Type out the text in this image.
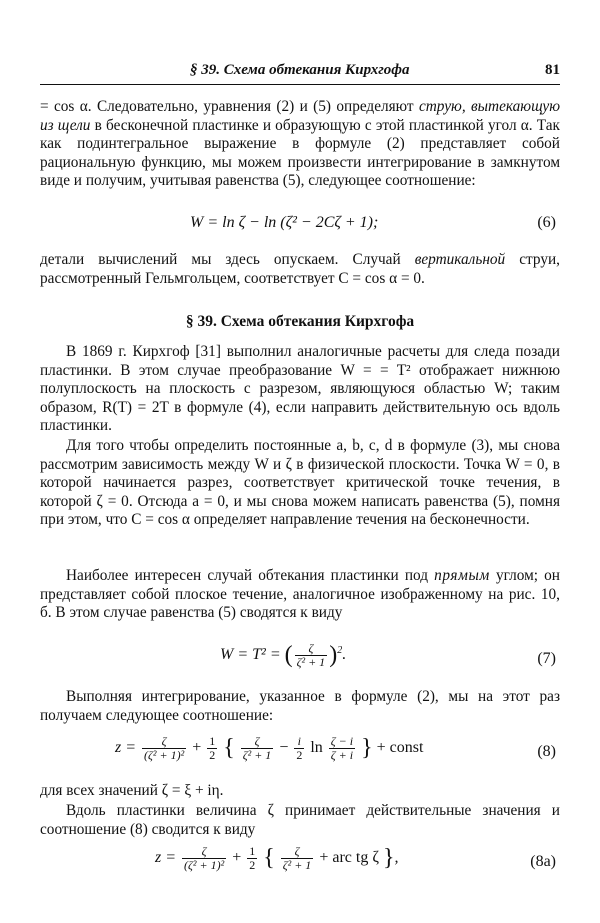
§ 39. Схема обтекания Кирхгофа	81

= cos α. Следовательно, уравнения (2) и (5) определяют струю, вытекающую из щели в бесконечной пластинке и образующую с этой пластинкой угол α. Так как подинтегральное выражение в формуле (2) представляет собой рациональную функцию, мы можем произвести интегрирование в замкнутом виде и получим, учитывая равенства (5), следующее соотношение:

W = ln ζ − ln (ζ² − 2Cζ + 1);	(6)

детали вычислений мы здесь опускаем. Случай вертикальной струи, рассмотренный Гельмгольцем, соответствует C = cos α = 0.

§ 39. Схема обтекания Кирхгофа

В 1869 г. Кирхгоф [31] выполнил аналогичные расчеты для следа позади пластинки. В этом случае преобразование W = = T² отображает нижнюю полуплоскость на плоскость с разрезом, являющуюся областью W; таким образом, R(T) = 2T в формуле (4), если направить действительную ось вдоль пластинки.

Для того чтобы определить постоянные a, b, c, d в формуле (3), мы снова рассмотрим зависимость между W и ζ в физической плоскости. Точка W = 0, в которой начинается разрез, соответствует критической точке течения, в которой ζ = 0. Отсюда a = 0, и мы снова можем написать равенства (5), помня при этом, что C = cos α определяет направление течения на бесконечности.

Наиболее интересен случай обтекания пластинки под прямым углом; он представляет собой плоское течение, аналогичное изображенному на рис. 10, б. В этом случае равенства (5) сводятся к виду

W = T² = ( $\frac{\zeta}{\text{ζ² + 1}} )^2$.	(7)

Выполняя интегрирование, указанное в формуле (2), мы на этот раз получаем следующее соотношение:

$z = \frac{\zeta}{\text{(ζ² + 1)²}} + \frac{1}{2}$ { $\frac{\zeta}{\text{ζ² + 1}} - \frac{i}{2}$ $\ln \frac{\zeta - i}{\zeta + i}$ } + const	(8)

для всех значений ζ = ξ + iη.

Вдоль пластинки величина ζ принимает действительные значения и соотношение (8) сводится к виду

$z = \frac{\zeta}{\text{(ζ² + 1)²}} + \frac{1}{2}$ { $\frac{\zeta}{\text{ζ² + 1}}$ + arc tg ζ },	(8a)
